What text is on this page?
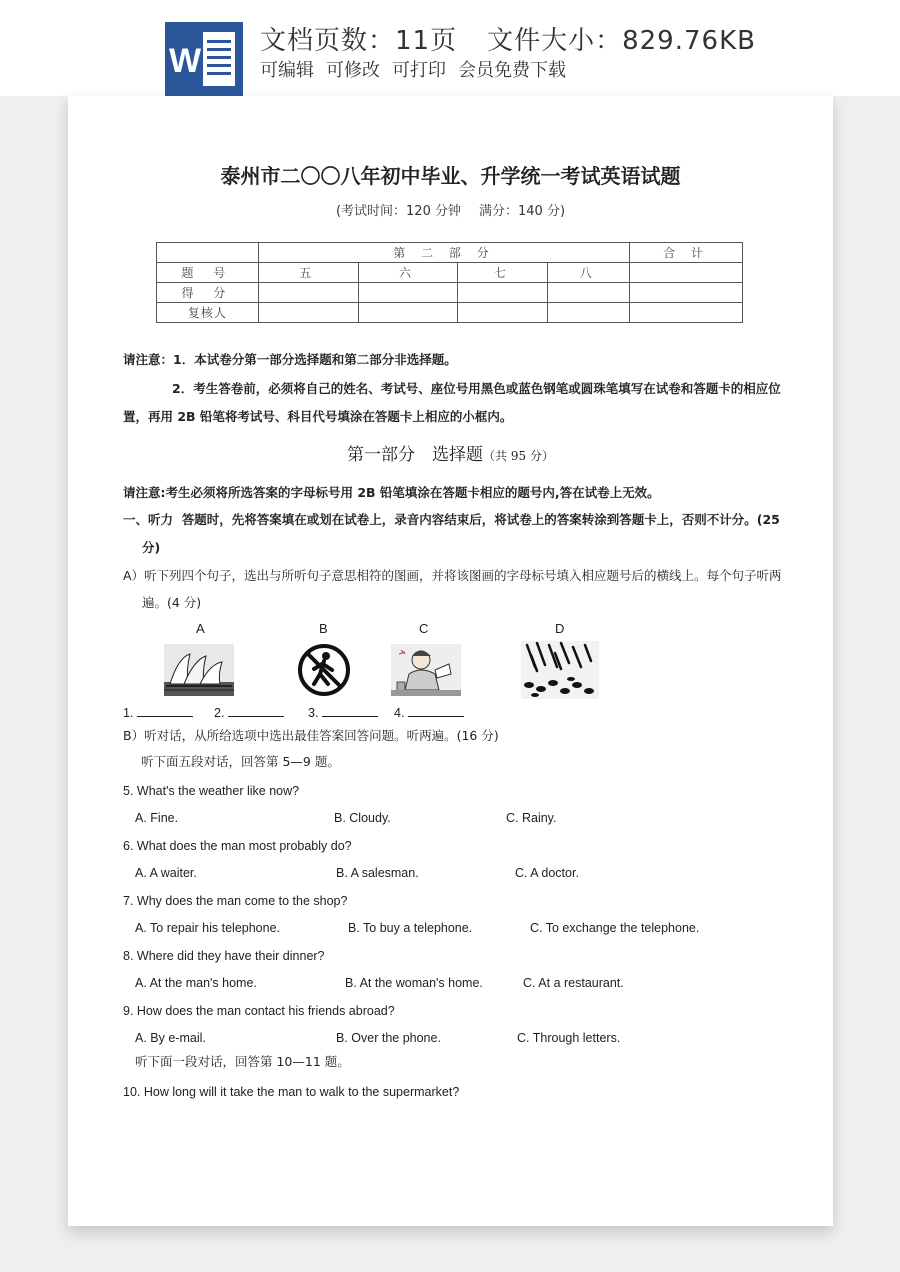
W
文档页数：11页 文件大小：829.76KB
可编辑 可修改 可打印 会员免费下载
泰州市二〇〇八年初中毕业、升学统一考试英语试题
(考试时间：120 分钟 满分：140 分)
	第 二 部 分				合 计
题 号	五	六	七	八	
得 分					
复核人					
请注意：1．本试卷分第一部分选择题和第二部分非选择题。
2．考生答卷前，必须将自己的姓名、考试号、座位号用黑色或蓝色钢笔或圆珠笔填写在试卷和答题卡的相应位
置，再用 2B 铅笔将考试号、科目代号填涂在答题卡上相应的小框内。
第一部分　选择题（共 95 分）
请注意:考生必须将所选答案的字母标号用 2B 铅笔填涂在答题卡相应的题号内,答在试卷上无效。
一、听力 答题时，先将答案填在或划在试卷上，录音内容结束后，将试卷上的答案转涂到答题卡上，否则不计分。(25
分)
A）听下列四个句子，选出与所听句子意思相符的图画，并将该图画的字母标号填入相应题号后的横线上。每个句子听两
遍。(4 分)
A	B	C	D
1.	2.	3.	4.
B）听对话，从所给选项中选出最佳答案回答问题。听两遍。(16 分)
听下面五段对话，回答第 5—9 题。
5. What's the weather like now?
A. Fine.	B. Cloudy.	C. Rainy.
6. What does the man most probably do?
A. A waiter.	B. A salesman.	C. A doctor.
7. Why does the man come to the shop?
A. To repair his telephone.	B. To buy a telephone.	C. To exchange the telephone.
8. Where did they have their dinner?
A. At the man's home.	B. At the woman's home.	C. At a restaurant.
9. How does the man contact his friends abroad?
A. By e-mail.	B. Over the phone.	C. Through letters.
听下面一段对话，回答第 10—11 题。
10. How long will it take the man to walk to the supermarket?
